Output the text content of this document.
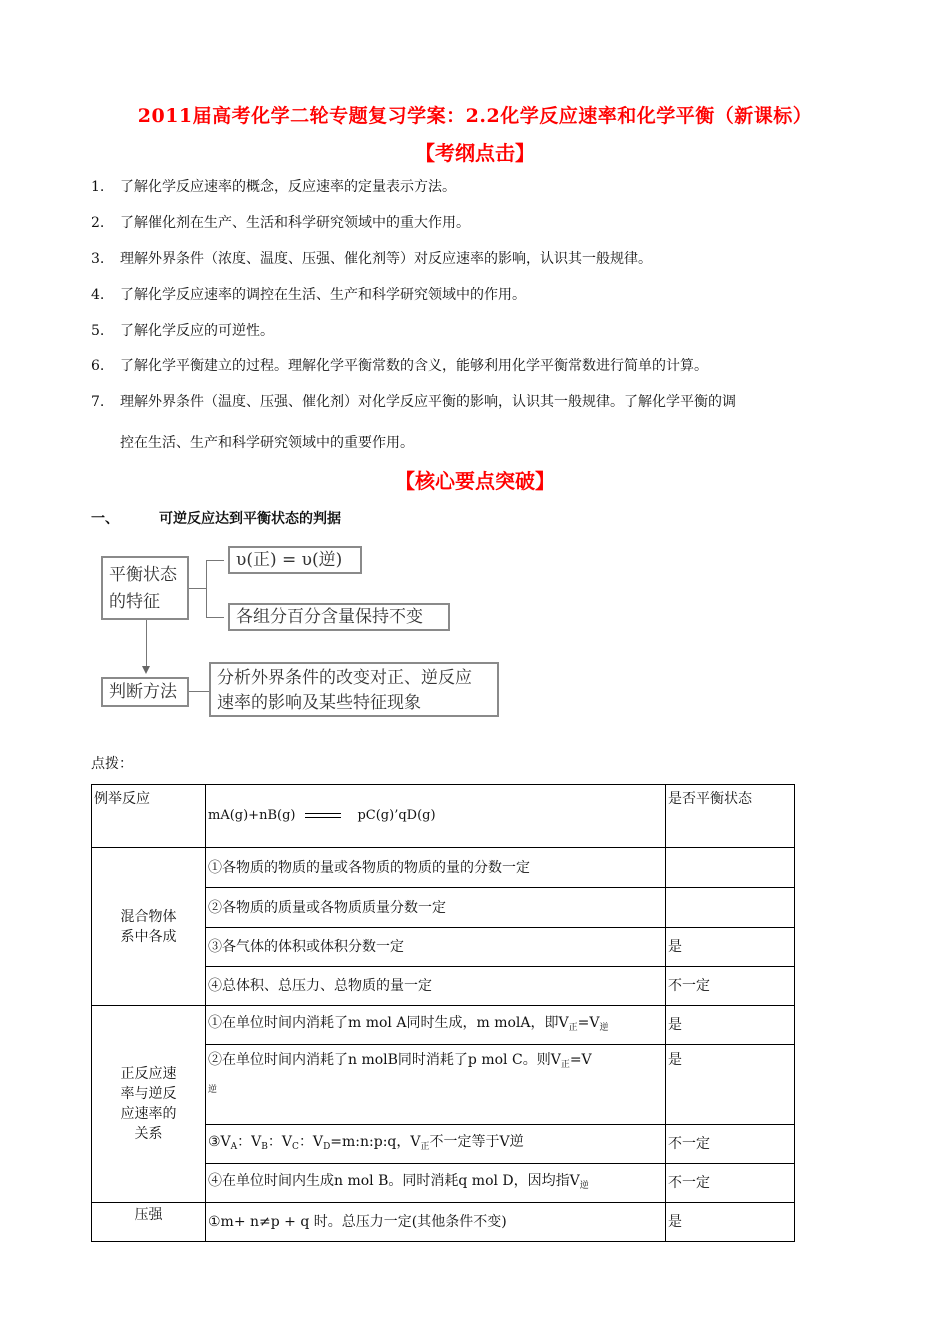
2011届高考化学二轮专题复习学案：2.2化学反应速率和化学平衡（新课标）
【考纲点击】
1. 了解化学反应速率的概念，反应速率的定量表示方法。
2. 了解催化剂在生产、生活和科学研究领域中的重大作用。
3. 理解外界条件（浓度、温度、压强、催化剂等）对反应速率的影响，认识其一般规律。
4. 了解化学反应速率的调控在生活、生产和科学研究领域中的作用。
5. 了解化学反应的可逆性。
6. 了解化学平衡建立的过程。理解化学平衡常数的含义，能够利用化学平衡常数进行简单的计算。
7. 理解外界条件（温度、压强、催化剂）对化学反应平衡的影响，认识其一般规律。了解化学平衡的调
控在生活、生产和科学研究领域中的重要作用。
【核心要点突破】
一、	可逆反应达到平衡状态的判据
平衡状态
的特征
υ(正) = υ(逆)
各组分百分含量保持不变
判断方法
分析外界条件的改变对正、逆反应
速率的影响及某些特征现象
点拨：
例举反应	mA(g)+nB(g) pC(g)’qD(g)	是否平衡状态

混合物体
系中各成	①各物质的物质的量或各物质的物质的量的分数一定	
	②各物质的质量或各物质质量分数一定	
	③各气体的体积或体积分数一定	是
	④总体积、总压力、总物质的量一定	不一定

正反应速
率与逆反
应速率的
关系	①在单位时间内消耗了m mol A同时生成，m molA，即$V_正=V_逆$	是
	②在单位时间内消耗了n molB同时消耗了p mol C。则$V_正=V$
$_逆$	是
	$③V_A$：$V_B$：$V_C$：$V_D=m:n:p:q$，$V_正$不一定等于V逆	不一定
	④在单位时间内生成n mol B。同时消耗q mol D，因均指$V_逆$	不一定
压强	①m+ n≠p + q 时。总压力一定(其他条件不变)	是
